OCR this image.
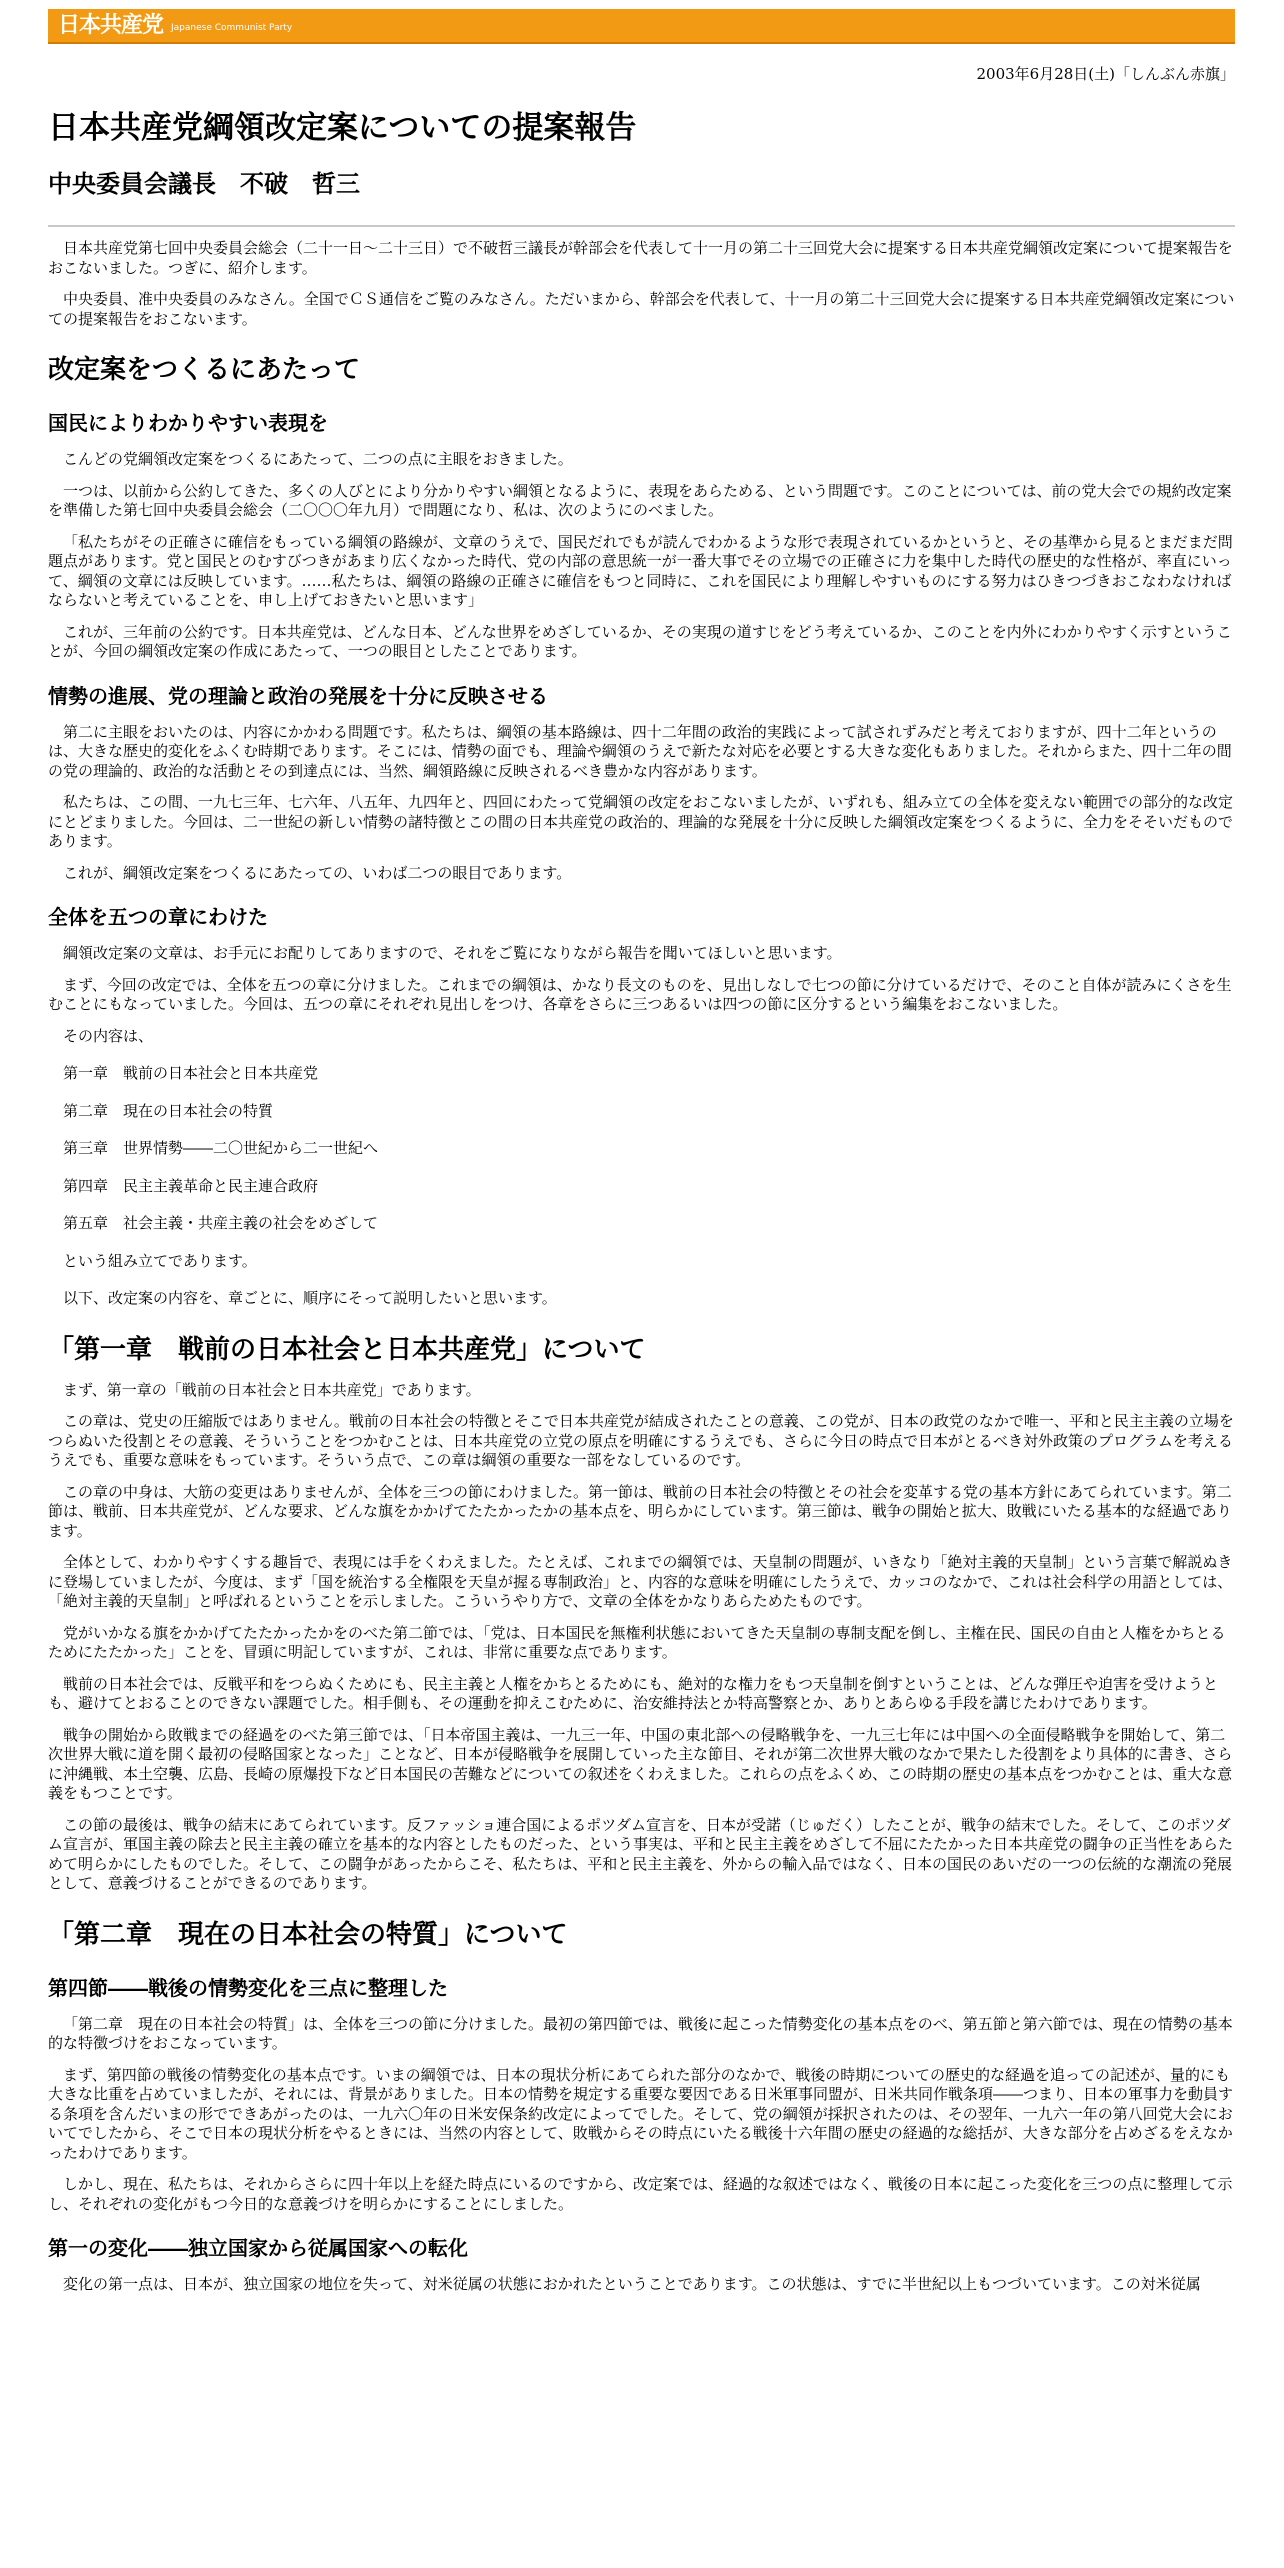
日本共産党 Japanese Communist Party
2003年6月28日(土)「しんぶん赤旗」
日本共産党綱領改定案についての提案報告
中央委員会議長　不破　哲三

日本共産党第七回中央委員会総会（二十一日～二十三日）で不破哲三議長が幹部会を代表して十一月の第二十三回党大会に提案する日本共産党綱領改定案について提案報告をおこないました。つぎに、紹介します。

中央委員、准中央委員のみなさん。全国でＣＳ通信をご覧のみなさん。ただいまから、幹部会を代表して、十一月の第二十三回党大会に提案する日本共産党綱領改定案についての提案報告をおこないます。

改定案をつくるにあたって
国民によりわかりやすい表現を

こんどの党綱領改定案をつくるにあたって、二つの点に主眼をおきました。

一つは、以前から公約してきた、多くの人びとにより分かりやすい綱領となるように、表現をあらためる、という問題です。このことについては、前の党大会での規約改定案を準備した第七回中央委員会総会（二〇〇〇年九月）で問題になり、私は、次のようにのべました。

「私たちがその正確さに確信をもっている綱領の路線が、文章のうえで、国民だれでもが読んでわかるような形で表現されているかというと、その基準から見るとまだまだ問題点があります。党と国民とのむすびつきがあまり広くなかった時代、党の内部の意思統一が一番大事でその立場での正確さに力を集中した時代の歴史的な性格が、率直にいって、綱領の文章には反映しています。……私たちは、綱領の路線の正確さに確信をもつと同時に、これを国民により理解しやすいものにする努力はひきつづきおこなわなければならないと考えていることを、申し上げておきたいと思います」

これが、三年前の公約です。日本共産党は、どんな日本、どんな世界をめざしているか、その実現の道すじをどう考えているか、このことを内外にわかりやすく示すということが、今回の綱領改定案の作成にあたって、一つの眼目としたことであります。

情勢の進展、党の理論と政治の発展を十分に反映させる

第二に主眼をおいたのは、内容にかかわる問題です。私たちは、綱領の基本路線は、四十二年間の政治的実践によって試されずみだと考えておりますが、四十二年というのは、大きな歴史的変化をふくむ時期であります。そこには、情勢の面でも、理論や綱領のうえで新たな対応を必要とする大きな変化もありました。それからまた、四十二年の間の党の理論的、政治的な活動とその到達点には、当然、綱領路線に反映されるべき豊かな内容があります。

私たちは、この間、一九七三年、七六年、八五年、九四年と、四回にわたって党綱領の改定をおこないましたが、いずれも、組み立ての全体を変えない範囲での部分的な改定にとどまりました。今回は、二一世紀の新しい情勢の諸特徴とこの間の日本共産党の政治的、理論的な発展を十分に反映した綱領改定案をつくるように、全力をそそいだものであります。

これが、綱領改定案をつくるにあたっての、いわば二つの眼目であります。

全体を五つの章にわけた

綱領改定案の文章は、お手元にお配りしてありますので、それをご覧になりながら報告を聞いてほしいと思います。

まず、今回の改定では、全体を五つの章に分けました。これまでの綱領は、かなり長文のものを、見出しなしで七つの節に分けているだけで、そのこと自体が読みにくさを生むことにもなっていました。今回は、五つの章にそれぞれ見出しをつけ、各章をさらに三つあるいは四つの節に区分するという編集をおこないました。

その内容は、

第一章　戦前の日本社会と日本共産党

第二章　現在の日本社会の特質

第三章　世界情勢――二〇世紀から二一世紀へ

第四章　民主主義革命と民主連合政府

第五章　社会主義・共産主義の社会をめざして

という組み立てであります。

以下、改定案の内容を、章ごとに、順序にそって説明したいと思います。

「第一章　戦前の日本社会と日本共産党」について

まず、第一章の「戦前の日本社会と日本共産党」であります。

この章は、党史の圧縮版ではありません。戦前の日本社会の特徴とそこで日本共産党が結成されたことの意義、この党が、日本の政党のなかで唯一、平和と民主主義の立場をつらぬいた役割とその意義、そういうことをつかむことは、日本共産党の立党の原点を明確にするうえでも、さらに今日の時点で日本がとるべき対外政策のプログラムを考えるうえでも、重要な意味をもっています。そういう点で、この章は綱領の重要な一部をなしているのです。

この章の中身は、大筋の変更はありませんが、全体を三つの節にわけました。第一節は、戦前の日本社会の特徴とその社会を変革する党の基本方針にあてられています。第二節は、戦前、日本共産党が、どんな要求、どんな旗をかかげてたたかったかの基本点を、明らかにしています。第三節は、戦争の開始と拡大、敗戦にいたる基本的な経過であります。

全体として、わかりやすくする趣旨で、表現には手をくわえました。たとえば、これまでの綱領では、天皇制の問題が、いきなり「絶対主義的天皇制」という言葉で解説ぬきに登場していましたが、今度は、まず「国を統治する全権限を天皇が握る専制政治」と、内容的な意味を明確にしたうえで、カッコのなかで、これは社会科学の用語としては、「絶対主義的天皇制」と呼ばれるということを示しました。こういうやり方で、文章の全体をかなりあらためたものです。

党がいかなる旗をかかげてたたかったかをのべた第二節では、「党は、日本国民を無権利状態においてきた天皇制の専制支配を倒し、主権在民、国民の自由と人権をかちとるためにたたかった」ことを、冒頭に明記していますが、これは、非常に重要な点であります。

戦前の日本社会では、反戦平和をつらぬくためにも、民主主義と人権をかちとるためにも、絶対的な権力をもつ天皇制を倒すということは、どんな弾圧や迫害を受けようとも、避けてとおることのできない課題でした。相手側も、その運動を抑えこむために、治安維持法とか特高警察とか、ありとあらゆる手段を講じたわけであります。

戦争の開始から敗戦までの経過をのべた第三節では、「日本帝国主義は、一九三一年、中国の東北部への侵略戦争を、一九三七年には中国への全面侵略戦争を開始して、第二次世界大戦に道を開く最初の侵略国家となった」ことなど、日本が侵略戦争を展開していった主な節目、それが第二次世界大戦のなかで果たした役割をより具体的に書き、さらに沖縄戦、本土空襲、広島、長崎の原爆投下など日本国民の苦難などについての叙述をくわえました。これらの点をふくめ、この時期の歴史の基本点をつかむことは、重大な意義をもつことです。

この節の最後は、戦争の結末にあてられています。反ファッショ連合国によるポツダム宣言を、日本が受諾（じゅだく）したことが、戦争の結末でした。そして、このポツダム宣言が、軍国主義の除去と民主主義の確立を基本的な内容としたものだった、という事実は、平和と民主主義をめざして不屈にたたかった日本共産党の闘争の正当性をあらためて明らかにしたものでした。そして、この闘争があったからこそ、私たちは、平和と民主主義を、外からの輸入品ではなく、日本の国民のあいだの一つの伝統的な潮流の発展として、意義づけることができるのであります。

「第二章　現在の日本社会の特質」について
第四節――戦後の情勢変化を三点に整理した

「第二章　現在の日本社会の特質」は、全体を三つの節に分けました。最初の第四節では、戦後に起こった情勢変化の基本点をのべ、第五節と第六節では、現在の情勢の基本的な特徴づけをおこなっています。

まず、第四節の戦後の情勢変化の基本点です。いまの綱領では、日本の現状分析にあてられた部分のなかで、戦後の時期についての歴史的な経過を追っての記述が、量的にも大きな比重を占めていましたが、それには、背景がありました。日本の情勢を規定する重要な要因である日米軍事同盟が、日米共同作戦条項――つまり、日本の軍事力を動員する条項を含んだいまの形でできあがったのは、一九六〇年の日米安保条約改定によってでした。そして、党の綱領が採択されたのは、その翌年、一九六一年の第八回党大会においてでしたから、そこで日本の現状分析をやるときには、当然の内容として、敗戦からその時点にいたる戦後十六年間の歴史の経過的な総括が、大きな部分を占めざるをえなかったわけであります。

しかし、現在、私たちは、それからさらに四十年以上を経た時点にいるのですから、改定案では、経過的な叙述ではなく、戦後の日本に起こった変化を三つの点に整理して示し、それぞれの変化がもつ今日的な意義づけを明らかにすることにしました。

第一の変化――独立国家から従属国家への転化

変化の第一点は、日本が、独立国家の地位を失って、対米従属の状態におかれたということであります。この状態は、すでに半世紀以上もつづいています。この対米従属
